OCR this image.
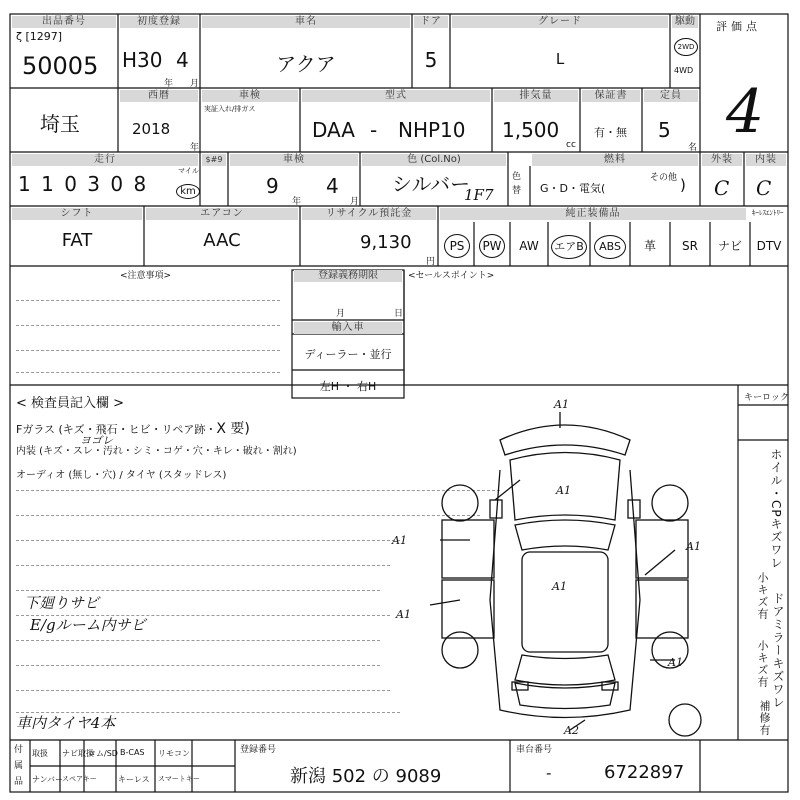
出品番号
ζ [1297]
50005
初度登録
H30 4
年 月
車名
アクア
ドア
5
グレード
L
駆動
2WD
4WD
評価点
4
埼玉
西暦
2018
年
車検
実証入れ/排ガス
型式
DAA - NHP10
排気量
1,500
cc
保証書
有・無
定員
5
名
走行
1 1 0 3 0 8
マイル
km
$#9	車検
9
年
4
月
色 (Col.No)
シルバー
1F7
色替
燃料
G・D・電気(
その他 )
外装
C
内装
C
シフト
FAT
エアコン
AAC
リサイクル預託金
9,130
円
純正装備品	ｷｰﾚｽｴﾝﾄﾘｰ
PS	PW	AW	エアB	ABS	革	SR	ナビ	DTV
<注意事項>	登録義務期限
月	日
輸入車
ディーラー・並行
左H ・ 右H
<セールスポイント>
< 検査員記入欄 >
Fガラス (キズ・飛石・ヒビ・リペア跡・X 要)
内装 (キズ・スレ・汚れ・シミ・コゲ・穴・キレ・破れ・割れ)
ヨゴレ
オーディオ (無し・穴) / タイヤ (スタッドレス)
下廻りサビ
E/gルーム内サビ
車内タイヤ4本
キーロック
A1
A1
A1	A1
A1
A1
A1
A2
ホイル・CPキズワレ
小キズ有 ドアミラーキズワレ
小キズ有
補修有
付
属
品
取扱 ナビ取扱
ロム/SD B-CAS リモコン
ナンバー
スペアキー	キーレス スマートキー
登録番号
新潟 502 の 9089
車台番号
-	6722897
